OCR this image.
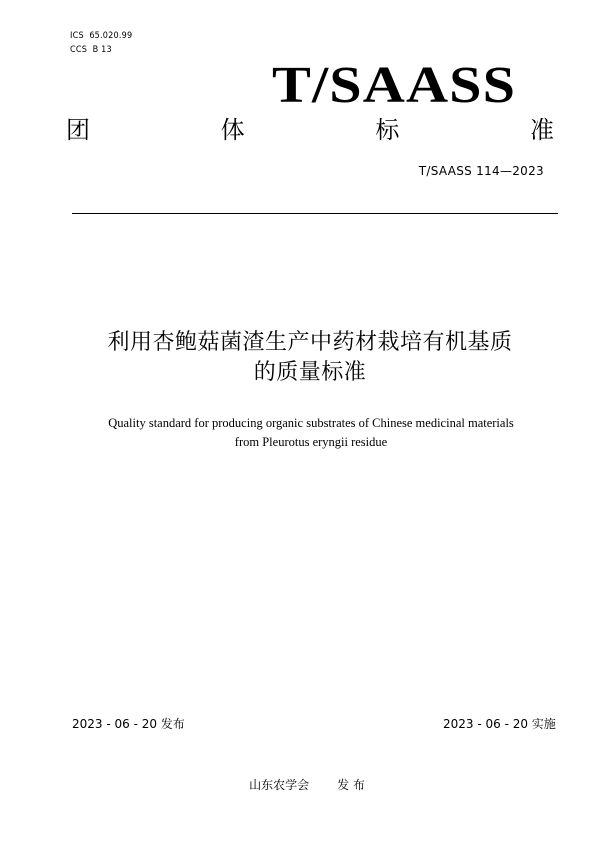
ICS  65.020.99
CCS  B 13
T/SAASS
团	体	标	准
T/SAASS 114—2023
利用杏鲍菇菌渣生产中药材栽培有机基质
的质量标准
Quality standard for producing organic substrates of Chinese medicinal materials
from Pleurotus eryngii residue
2023 - 06 - 20 发布	2023 - 06 - 20 实施
山东农学会 发 布
